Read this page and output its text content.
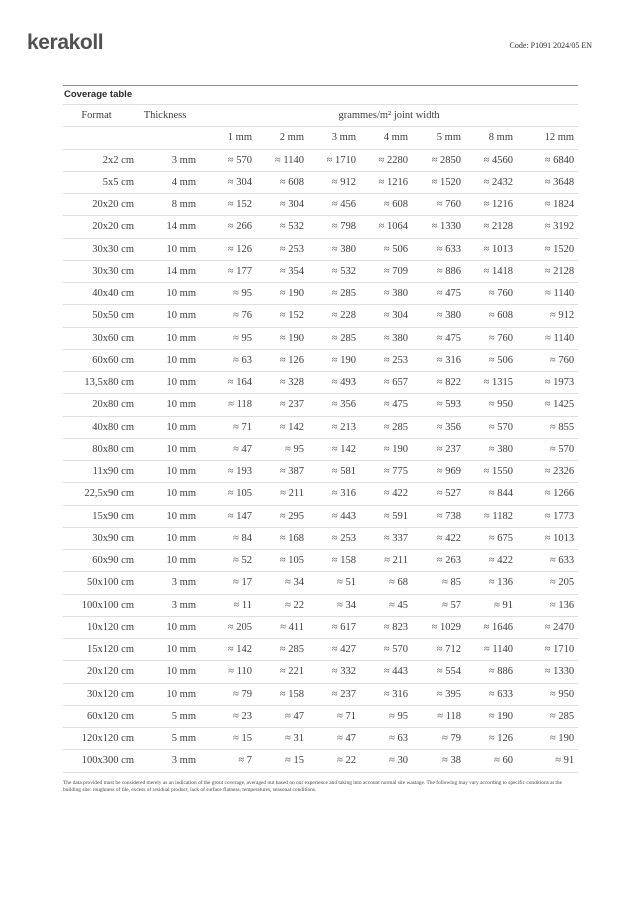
kerakoll	Code: P1091 2024/05 EN
Coverage table
Format	Thickness	grammes/m² joint width						
		1 mm	2 mm	3 mm	4 mm	5 mm	8 mm	12 mm
2x2 cm	3 mm	≈ 570	≈ 1140	≈ 1710	≈ 2280	≈ 2850	≈ 4560	≈ 6840
5x5 cm	4 mm	≈ 304	≈ 608	≈ 912	≈ 1216	≈ 1520	≈ 2432	≈ 3648
20x20 cm	8 mm	≈ 152	≈ 304	≈ 456	≈ 608	≈ 760	≈ 1216	≈ 1824
20x20 cm	14 mm	≈ 266	≈ 532	≈ 798	≈ 1064	≈ 1330	≈ 2128	≈ 3192
30x30 cm	10 mm	≈ 126	≈ 253	≈ 380	≈ 506	≈ 633	≈ 1013	≈ 1520
30x30 cm	14 mm	≈ 177	≈ 354	≈ 532	≈ 709	≈ 886	≈ 1418	≈ 2128
40x40 cm	10 mm	≈ 95	≈ 190	≈ 285	≈ 380	≈ 475	≈ 760	≈ 1140
50x50 cm	10 mm	≈ 76	≈ 152	≈ 228	≈ 304	≈ 380	≈ 608	≈ 912
30x60 cm	10 mm	≈ 95	≈ 190	≈ 285	≈ 380	≈ 475	≈ 760	≈ 1140
60x60 cm	10 mm	≈ 63	≈ 126	≈ 190	≈ 253	≈ 316	≈ 506	≈ 760
13,5x80 cm	10 mm	≈ 164	≈ 328	≈ 493	≈ 657	≈ 822	≈ 1315	≈ 1973
20x80 cm	10 mm	≈ 118	≈ 237	≈ 356	≈ 475	≈ 593	≈ 950	≈ 1425
40x80 cm	10 mm	≈ 71	≈ 142	≈ 213	≈ 285	≈ 356	≈ 570	≈ 855
80x80 cm	10 mm	≈ 47	≈ 95	≈ 142	≈ 190	≈ 237	≈ 380	≈ 570
11x90 cm	10 mm	≈ 193	≈ 387	≈ 581	≈ 775	≈ 969	≈ 1550	≈ 2326
22,5x90 cm	10 mm	≈ 105	≈ 211	≈ 316	≈ 422	≈ 527	≈ 844	≈ 1266
15x90 cm	10 mm	≈ 147	≈ 295	≈ 443	≈ 591	≈ 738	≈ 1182	≈ 1773
30x90 cm	10 mm	≈ 84	≈ 168	≈ 253	≈ 337	≈ 422	≈ 675	≈ 1013
60x90 cm	10 mm	≈ 52	≈ 105	≈ 158	≈ 211	≈ 263	≈ 422	≈ 633
50x100 cm	3 mm	≈ 17	≈ 34	≈ 51	≈ 68	≈ 85	≈ 136	≈ 205
100x100 cm	3 mm	≈ 11	≈ 22	≈ 34	≈ 45	≈ 57	≈ 91	≈ 136
10x120 cm	10 mm	≈ 205	≈ 411	≈ 617	≈ 823	≈ 1029	≈ 1646	≈ 2470
15x120 cm	10 mm	≈ 142	≈ 285	≈ 427	≈ 570	≈ 712	≈ 1140	≈ 1710
20x120 cm	10 mm	≈ 110	≈ 221	≈ 332	≈ 443	≈ 554	≈ 886	≈ 1330
30x120 cm	10 mm	≈ 79	≈ 158	≈ 237	≈ 316	≈ 395	≈ 633	≈ 950
60x120 cm	5 mm	≈ 23	≈ 47	≈ 71	≈ 95	≈ 118	≈ 190	≈ 285
120x120 cm	5 mm	≈ 15	≈ 31	≈ 47	≈ 63	≈ 79	≈ 126	≈ 190
100x300 cm	3 mm	≈ 7	≈ 15	≈ 22	≈ 30	≈ 38	≈ 60	≈ 91

The data provided must be considered merely as an indication of the grout coverage, averaged out based on our experience and taking into account normal site wastage. The following may vary according to specific conditions at the building site: roughness of tile, excess of residual product, lack of surface flatness, temperatures, seasonal conditions.
